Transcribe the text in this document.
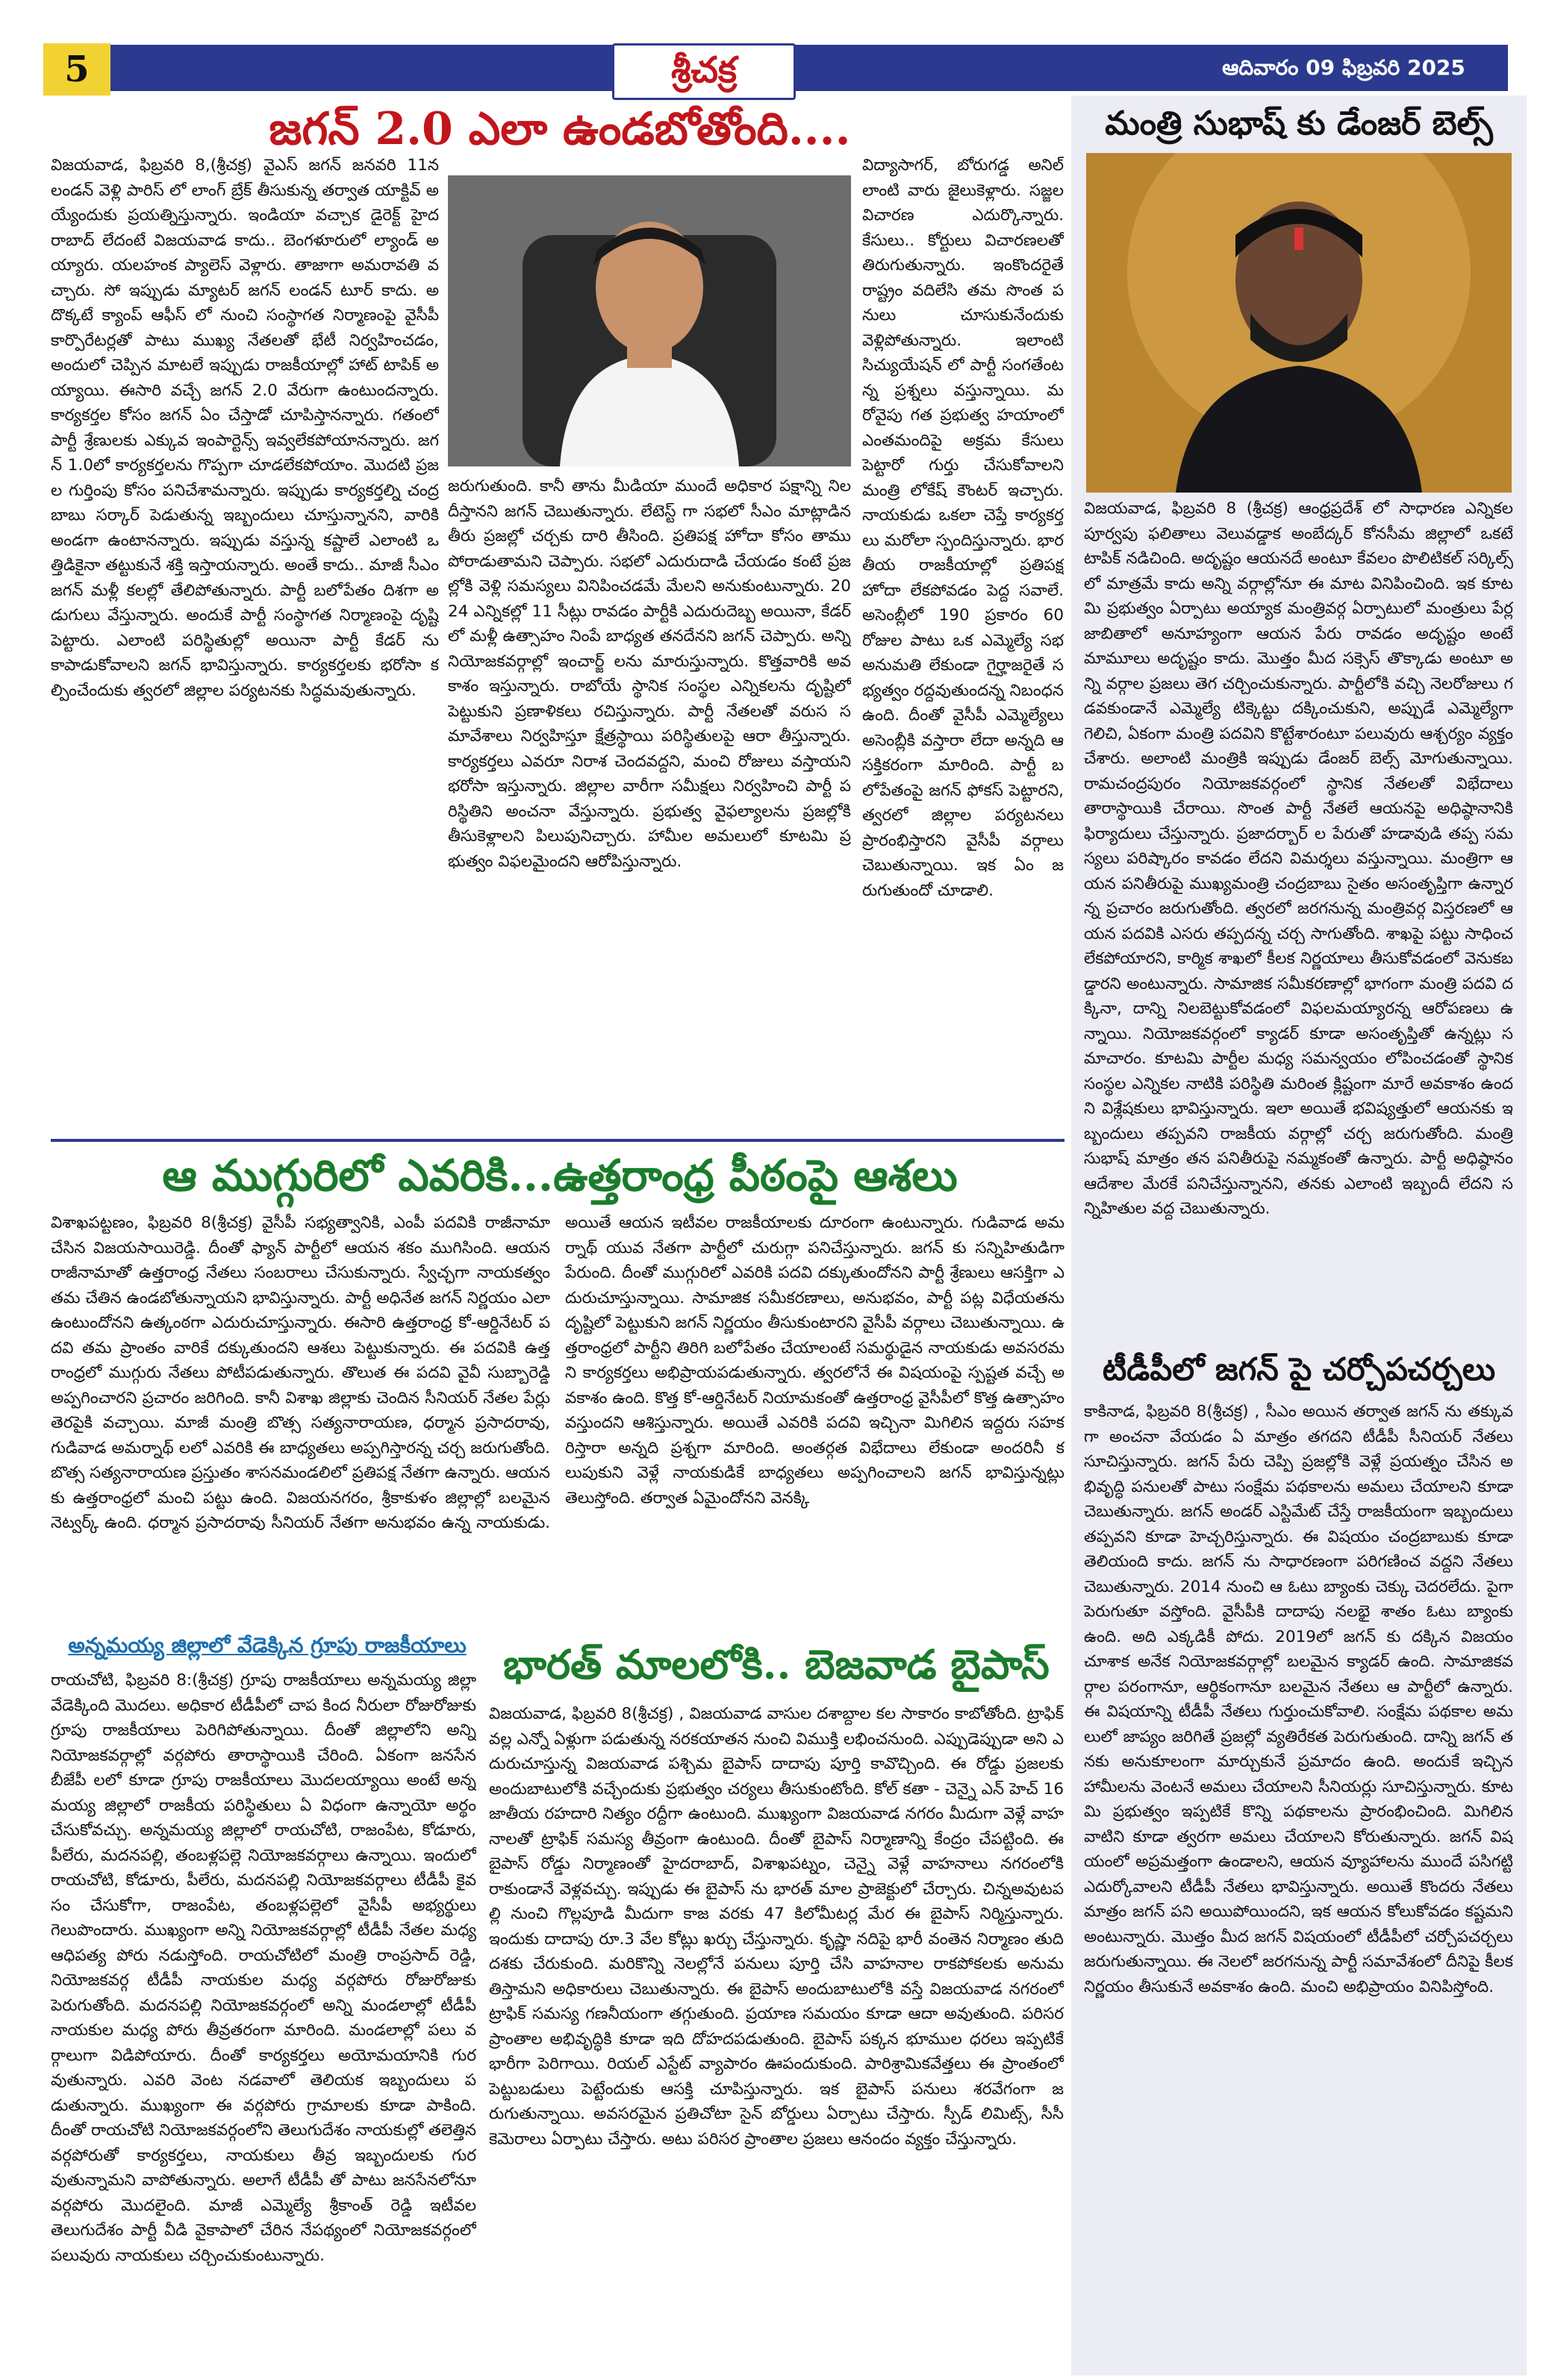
5	శ్రీచక్ర	ఆదివారం 09 ఫిబ్రవరి 2025
జగన్ 2.0 ఎలా ఉండబోతోంది....
విజయవాడ, ఫిబ్రవరి 8,(శ్రీచక్ర) వైఎస్ జగన్ జనవరి 11న లండన్ వెళ్లి పారిస్ లో లాంగ్ బ్రేక్ తీసుకున్న తర్వాత యాక్టివ్ అయ్యేందుకు ప్రయత్నిస్తున్నారు. ఇండియా వచ్చాక డైరెక్ట్ హైదరాబాద్ లేదంటే విజయవాడ కాదు.. బెంగళూరులో ల్యాండ్ అయ్యారు. యలహంక ప్యాలెస్ వెళ్లారు. తాజాగా అమరావతి వచ్చారు. సో ఇప్పుడు మ్యాటర్ జగన్ లండన్ టూర్ కాదు. అదొక్కటే క్యాంప్ ఆఫీస్ లో నుంచి సంస్థాగత నిర్మాణంపై వైసీపీ కార్పొరేటర్లతో పాటు ముఖ్య నేతలతో భేటీ నిర్వహించడం, అందులో చెప్పిన మాటలే ఇప్పుడు రాజకీయాల్లో హాట్ టాపిక్ అయ్యాయి. ఈసారి వచ్చే జగన్ 2.0 వేరుగా ఉంటుందన్నారు. కార్యకర్తల కోసం జగన్ ఏం చేస్తాడో చూపిస్తానన్నారు. గతంలో పార్టీ శ్రేణులకు ఎక్కువ ఇంపార్టెన్స్ ఇవ్వలేకపోయానన్నారు. జగన్ 1.0లో కార్యకర్తలను గొప్పగా చూడలేకపోయాం. మొదటి ప్రజల గుర్తింపు కోసం పనిచేశామన్నారు. ఇప్పుడు కార్యకర్తల్ని చంద్రబాబు సర్కార్ పెడుతున్న ఇబ్బందులు చూస్తున్నానని, వారికి అండగా ఉంటానన్నారు. ఇప్పుడు వస్తున్న కష్టాలే ఎలాంటి ఒత్తిడికైనా తట్టుకునే శక్తి ఇస్తాయన్నారు. అంతే కాదు.. మాజీ సీఎం జగన్ మళ్లీ కలల్లో తేలిపోతున్నారు. పార్టీ బలోపేతం దిశగా అడుగులు వేస్తున్నారు. అందుకే పార్టీ సంస్థాగత నిర్మాణంపై దృష్టి పెట్టారు. ఎలాంటి పరిస్థితుల్లో అయినా పార్టీ కేడర్ ను కాపాడుకోవాలని జగన్ భావిస్తున్నారు. కార్యకర్తలకు భరోసా కల్పించేందుకు త్వరలో జిల్లాల పర్యటనకు సిద్ధమవుతున్నారు.
జరుగుతుంది. కానీ తాను మీడియా ముందే అధికార పక్షాన్ని నిలదీస్తానని జగన్ చెబుతున్నారు. లేటెస్ట్ గా సభలో సీఎం మాట్లాడిన తీరు ప్రజల్లో చర్చకు దారి తీసింది. ప్రతిపక్ష హోదా కోసం తాము పోరాడుతామని చెప్పారు. సభలో ఎదురుదాడి చేయడం కంటే ప్రజల్లోకి వెళ్లి సమస్యలు వినిపించడమే మేలని అనుకుంటున్నారు. 2024 ఎన్నికల్లో 11 సీట్లు రావడం పార్టీకి ఎదురుదెబ్బ అయినా, కేడర్ లో మళ్లీ ఉత్సాహం నింపే బాధ్యత తనదేనని జగన్ చెప్పారు. అన్ని నియోజకవర్గాల్లో ఇంచార్జ్ లను మారుస్తున్నారు. కొత్తవారికి అవకాశం ఇస్తున్నారు. రాబోయే స్థానిక సంస్థల ఎన్నికలను దృష్టిలో పెట్టుకుని ప్రణాళికలు రచిస్తున్నారు. పార్టీ నేతలతో వరుస సమావేశాలు నిర్వహిస్తూ క్షేత్రస్థాయి పరిస్థితులపై ఆరా తీస్తున్నారు. కార్యకర్తలు ఎవరూ నిరాశ చెందవద్దని, మంచి రోజులు వస్తాయని భరోసా ఇస్తున్నారు. జిల్లాల వారీగా సమీక్షలు నిర్వహించి పార్టీ పరిస్థితిని అంచనా వేస్తున్నారు. ప్రభుత్వ వైఫల్యాలను ప్రజల్లోకి తీసుకెళ్లాలని పిలుపునిచ్చారు. హామీల అమలులో కూటమి ప్రభుత్వం విఫలమైందని ఆరోపిస్తున్నారు.
విద్యాసాగర్, బోరుగడ్డ అనిల్ లాంటి వారు జైలుకెళ్లారు. సజ్జల విచారణ ఎదుర్కొన్నారు. కేసులు.. కోర్టులు విచారణలతో తిరుగుతున్నారు. ఇంకొందరైతే రాష్ట్రం వదిలేసి తమ సొంత పనులు చూసుకునేందుకు వెళ్లిపోతున్నారు. ఇలాంటి సిచ్యుయేషన్ లో పార్టీ సంగతేంటన్న ప్రశ్నలు వస్తున్నాయి. మరోవైపు గత ప్రభుత్వ హయాంలో ఎంతమందిపై అక్రమ కేసులు పెట్టారో గుర్తు చేసుకోవాలని మంత్రి లోకేష్ కౌంటర్ ఇచ్చారు. నాయకుడు ఒకలా చెప్తే కార్యకర్తలు మరోలా స్పందిస్తున్నారు. భారతీయ రాజకీయాల్లో ప్రతిపక్ష హోదా లేకపోవడం పెద్ద సవాలే. అసెంబ్లీలో 190 ప్రకారం 60 రోజుల పాటు ఒక ఎమ్మెల్యే సభ అనుమతి లేకుండా గైర్హాజరైతే సభ్యత్వం రద్దవుతుందన్న నిబంధన ఉంది. దీంతో వైసీపీ ఎమ్మెల్యేలు అసెంబ్లీకి వస్తారా లేదా అన్నది ఆసక్తికరంగా మారింది. పార్టీ బలోపేతంపై జగన్ ఫోకస్ పెట్టారని, త్వరలో జిల్లాల పర్యటనలు ప్రారంభిస్తారని వైసీపీ వర్గాలు చెబుతున్నాయి. ఇక ఏం జరుగుతుందో చూడాలి.
మంత్రి సుభాష్ కు డేంజర్ బెల్స్
విజయవాడ, ఫిబ్రవరి 8 (శ్రీచక్ర) ఆంధ్రప్రదేశ్ లో సాధారణ ఎన్నికల పూర్వపు ఫలితాలు వెలువడ్డాక అంబేద్కర్ కోనసీమ జిల్లాలో ఒకటే టాపిక్ నడిచింది. అదృష్టం ఆయనదే అంటూ కేవలం పొలిటికల్ సర్కిల్స్ లో మాత్రమే కాదు అన్ని వర్గాల్లోనూ ఈ మాట వినిపించింది. ఇక కూటమి ప్రభుత్వం ఏర్పాటు అయ్యాక మంత్రివర్గ ఏర్పాటులో మంత్రులు పేర్ల జాబితాలో అనూహ్యంగా ఆయన పేరు రావడం అదృష్టం అంటే మామూలు అదృష్టం కాదు. మొత్తం మీద సక్సెస్ తొక్కాడు అంటూ అన్ని వర్గాల ప్రజలు తెగ చర్చించుకున్నారు. పార్టీలోకి వచ్చి నెలరోజులు గడవకుండానే ఎమ్మెల్యే టిక్కెట్టు దక్కించుకుని, అప్పుడే ఎమ్మెల్యేగా గెలిచి, ఏకంగా మంత్రి పదవిని కొట్టేశారంటూ పలువురు ఆశ్చర్యం వ్యక్తం చేశారు. అలాంటి మంత్రికి ఇప్పుడు డేంజర్ బెల్స్ మోగుతున్నాయి. రామచంద్రపురం నియోజకవర్గంలో స్థానిక నేతలతో విభేదాలు తారాస్థాయికి చేరాయి. సొంత పార్టీ నేతలే ఆయనపై అధిష్ఠానానికి ఫిర్యాదులు చేస్తున్నారు. ప్రజాదర్బార్ ల పేరుతో హడావుడి తప్ప సమస్యలు పరిష్కారం కావడం లేదని విమర్శలు వస్తున్నాయి. మంత్రిగా ఆయన పనితీరుపై ముఖ్యమంత్రి చంద్రబాబు సైతం అసంతృప్తిగా ఉన్నారన్న ప్రచారం జరుగుతోంది. త్వరలో జరగనున్న మంత్రివర్గ విస్తరణలో ఆయన పదవికి ఎసరు తప్పదన్న చర్చ సాగుతోంది. శాఖపై పట్టు సాధించలేకపోయారని, కార్మిక శాఖలో కీలక నిర్ణయాలు తీసుకోవడంలో వెనుకబడ్డారని అంటున్నారు. సామాజిక సమీకరణాల్లో భాగంగా మంత్రి పదవి దక్కినా, దాన్ని నిలబెట్టుకోవడంలో విఫలమయ్యారన్న ఆరోపణలు ఉన్నాయి. నియోజకవర్గంలో క్యాడర్ కూడా అసంతృప్తితో ఉన్నట్లు సమాచారం. కూటమి పార్టీల మధ్య సమన్వయం లోపించడంతో స్థానిక సంస్థల ఎన్నికల నాటికి పరిస్థితి మరింత క్లిష్టంగా మారే అవకాశం ఉందని విశ్లేషకులు భావిస్తున్నారు. ఇలా అయితే భవిష్యత్తులో ఆయనకు ఇబ్బందులు తప్పవని రాజకీయ వర్గాల్లో చర్చ జరుగుతోంది. మంత్రి సుభాష్ మాత్రం తన పనితీరుపై నమ్మకంతో ఉన్నారు. పార్టీ అధిష్ఠానం ఆదేశాల మేరకే పనిచేస్తున్నానని, తనకు ఎలాంటి ఇబ్బందీ లేదని సన్నిహితుల వద్ద చెబుతున్నారు.
టీడీపీలో జగన్ పై చర్చోపచర్చలు
కాకినాడ, ఫిబ్రవరి 8(శ్రీచక్ర) , సీఎం అయిన తర్వాత జగన్ ను తక్కువగా అంచనా వేయడం ఏ మాత్రం తగదని టీడీపీ సీనియర్ నేతలు సూచిస్తున్నారు. జగన్ పేరు చెప్పి ప్రజల్లోకి వెళ్లే ప్రయత్నం చేసిన అభివృద్ధి పనులతో పాటు సంక్షేమ పథకాలను అమలు చేయాలని కూడా చెబుతున్నారు. జగన్ అండర్ ఎస్టిమేట్ చేస్తే రాజకీయంగా ఇబ్బందులు తప్పవని కూడా హెచ్చరిస్తున్నారు. ఈ విషయం చంద్రబాబుకు కూడా తెలియంది కాదు. జగన్ ను సాధారణంగా పరిగణించ వద్దని నేతలు చెబుతున్నారు. 2014 నుంచి ఆ ఓటు బ్యాంకు చెక్కు చెదరలేదు. పైగా పెరుగుతూ వస్తోంది. వైసీపీకి దాదాపు నలభై శాతం ఓటు బ్యాంకు ఉంది. అది ఎక్కడికీ పోదు. 2019లో జగన్ కు దక్కిన విజయం చూశాక అనేక నియోజకవర్గాల్లో బలమైన క్యాడర్ ఉంది. సామాజికవర్గాల పరంగానూ, ఆర్థికంగానూ బలమైన నేతలు ఆ పార్టీలో ఉన్నారు. ఈ విషయాన్ని టీడీపీ నేతలు గుర్తుంచుకోవాలి. సంక్షేమ పథకాల అమలులో జాప్యం జరిగితే ప్రజల్లో వ్యతిరేకత పెరుగుతుంది. దాన్ని జగన్ తనకు అనుకూలంగా మార్చుకునే ప్రమాదం ఉంది. అందుకే ఇచ్చిన హామీలను వెంటనే అమలు చేయాలని సీనియర్లు సూచిస్తున్నారు. కూటమి ప్రభుత్వం ఇప్పటికే కొన్ని పథకాలను ప్రారంభించింది. మిగిలిన వాటిని కూడా త్వరగా అమలు చేయాలని కోరుతున్నారు. జగన్ విషయంలో అప్రమత్తంగా ఉండాలని, ఆయన వ్యూహాలను ముందే పసిగట్టి ఎదుర్కోవాలని టీడీపీ నేతలు భావిస్తున్నారు. అయితే కొందరు నేతలు మాత్రం జగన్ పని అయిపోయిందని, ఇక ఆయన కోలుకోవడం కష్టమని అంటున్నారు. మొత్తం మీద జగన్ విషయంలో టీడీపీలో చర్చోపచర్చలు జరుగుతున్నాయి. ఈ నెలలో జరగనున్న పార్టీ సమావేశంలో దీనిపై కీలక నిర్ణయం తీసుకునే అవకాశం ఉంది. మంచి అభిప్రాయం వినిపిస్తోంది.
ఆ ముగ్గురిలో ఎవరికి...ఉత్తరాంధ్ర పీఠంపై ఆశలు
విశాఖపట్టణం, ఫిబ్రవరి 8(శ్రీచక్ర) వైసీపీ సభ్యత్వానికి, ఎంపీ పదవికి రాజీనామా చేసిన విజయసాయిరెడ్డి. దీంతో ఫ్యాన్ పార్టీలో ఆయన శకం ముగిసింది. ఆయన రాజీనామాతో ఉత్తరాంధ్ర నేతలు సంబరాలు చేసుకున్నారు. స్వేచ్ఛగా నాయకత్వం తమ చేతిన ఉండబోతున్నాయని భావిస్తున్నారు. పార్టీ అధినేత జగన్ నిర్ణయం ఎలా ఉంటుందోనని ఉత్కంఠగా ఎదురుచూస్తున్నారు. ఈసారి ఉత్తరాంధ్ర కో-ఆర్డినేటర్ పదవి తమ ప్రాంతం వారికే దక్కుతుందని ఆశలు పెట్టుకున్నారు. ఈ పదవికి ఉత్తరాంధ్రలో ముగ్గురు నేతలు పోటీపడుతున్నారు. తొలుత ఈ పదవి వైవీ సుబ్బారెడ్డి అప్పగించారని ప్రచారం జరిగింది. కానీ విశాఖ జిల్లాకు చెందిన సీనియర్ నేతల పేర్లు తెరపైకి వచ్చాయి. మాజీ మంత్రి బొత్స సత్యనారాయణ, ధర్మాన ప్రసాదరావు, గుడివాడ అమర్నాథ్ లలో ఎవరికి ఈ బాధ్యతలు అప్పగిస్తారన్న చర్చ జరుగుతోంది. బొత్స సత్యనారాయణ ప్రస్తుతం శాసనమండలిలో ప్రతిపక్ష నేతగా ఉన్నారు. ఆయనకు ఉత్తరాంధ్రలో మంచి పట్టు ఉంది. విజయనగరం, శ్రీకాకుళం జిల్లాల్లో బలమైన నెట్వర్క్ ఉంది. ధర్మాన ప్రసాదరావు సీనియర్ నేతగా అనుభవం ఉన్న నాయకుడు. అయితే ఆయన ఇటీవల రాజకీయాలకు దూరంగా ఉంటున్నారు. గుడివాడ అమర్నాథ్ యువ నేతగా పార్టీలో చురుగ్గా పనిచేస్తున్నారు. జగన్ కు సన్నిహితుడిగా పేరుంది. దీంతో ముగ్గురిలో ఎవరికి పదవి దక్కుతుందోనని పార్టీ శ్రేణులు ఆసక్తిగా ఎదురుచూస్తున్నాయి. సామాజిక సమీకరణాలు, అనుభవం, పార్టీ పట్ల విధేయతను దృష్టిలో పెట్టుకుని జగన్ నిర్ణయం తీసుకుంటారని వైసీపీ వర్గాలు చెబుతున్నాయి. ఉత్తరాంధ్రలో పార్టీని తిరిగి బలోపేతం చేయాలంటే సమర్థుడైన నాయకుడు అవసరమని కార్యకర్తలు అభిప్రాయపడుతున్నారు. త్వరలోనే ఈ విషయంపై స్పష్టత వచ్చే అవకాశం ఉంది. కొత్త కో-ఆర్డినేటర్ నియామకంతో ఉత్తరాంధ్ర వైసీపీలో కొత్త ఉత్సాహం వస్తుందని ఆశిస్తున్నారు. అయితే ఎవరికి పదవి ఇచ్చినా మిగిలిన ఇద్దరు సహకరిస్తారా అన్నది ప్రశ్నగా మారింది. అంతర్గత విభేదాలు లేకుండా అందరినీ కలుపుకుని వెళ్లే నాయకుడికే బాధ్యతలు అప్పగించాలని జగన్ భావిస్తున్నట్లు తెలుస్తోంది. తర్వాత ఏమైందోనని వెనక్కి
అన్నమయ్య జిల్లాలో వేడెక్కిన గ్రూపు రాజకీయాలు
రాయచోటి, ఫిబ్రవరి 8:(శ్రీచక్ర) గ్రూపు రాజకీయాలు అన్నమయ్య జిల్లా వేడెక్కింది మొదలు. అధికార టీడీపీలో చాప కింద నీరులా రోజురోజుకు గ్రూపు రాజకీయాలు పెరిగిపోతున్నాయి. దీంతో జిల్లాలోని అన్ని నియోజకవర్గాల్లో వర్గపోరు తారాస్థాయికి చేరింది. ఏకంగా జనసేన బీజేపీ లలో కూడా గ్రూపు రాజకీయాలు మొదలయ్యాయి అంటే అన్నమయ్య జిల్లాలో రాజకీయ పరిస్థితులు ఏ విధంగా ఉన్నాయో అర్థం చేసుకోవచ్చు. అన్నమయ్య జిల్లాలో రాయచోటి, రాజంపేట, కోడూరు, పీలేరు, మదనపల్లి, తంబళ్లపల్లె నియోజకవర్గాలు ఉన్నాయి. ఇందులో రాయచోటి, కోడూరు, పీలేరు, మదనపల్లి నియోజకవర్గాలు టీడీపీ కైవసం చేసుకోగా, రాజంపేట, తంబళ్లపల్లెలో వైసీపీ అభ్యర్థులు గెలుపొందారు. ముఖ్యంగా అన్ని నియోజకవర్గాల్లో టీడీపీ నేతల మధ్య ఆధిపత్య పోరు నడుస్తోంది. రాయచోటిలో మంత్రి రాంప్రసాద్ రెడ్డి, నియోజకవర్గ టీడీపీ నాయకుల మధ్య వర్గపోరు రోజురోజుకు పెరుగుతోంది. మదనపల్లి నియోజకవర్గంలో అన్ని మండలాల్లో టీడీపీ నాయకుల మధ్య పోరు తీవ్రతరంగా మారింది. మండలాల్లో పలు వర్గాలుగా విడిపోయారు. దీంతో కార్యకర్తలు అయోమయానికి గురవుతున్నారు. ఎవరి వెంట నడవాలో తెలియక ఇబ్బందులు పడుతున్నారు. ముఖ్యంగా ఈ వర్గపోరు గ్రామాలకు కూడా పాకింది. దీంతో రాయచోటి నియోజకవర్గంలోని తెలుగుదేశం నాయకుల్లో తలెత్తిన వర్గపోరుతో కార్యకర్తలు, నాయకులు తీవ్ర ఇబ్బందులకు గురవుతున్నామని వాపోతున్నారు. అలాగే టీడీపీ తో పాటు జనసేనలోనూ వర్గపోరు మొదలైంది. మాజీ ఎమ్మెల్యే శ్రీకాంత్ రెడ్డి ఇటీవల తెలుగుదేశం పార్టీ వీడి వైకాపాలో చేరిన నేపథ్యంలో నియోజకవర్గంలో పలువురు నాయకులు చర్చించుకుంటున్నారు.
భారత్ మాలలోకి.. బెజవాడ బైపాస్
విజయవాడ, ఫిబ్రవరి 8(శ్రీచక్ర) , విజయవాడ వాసుల దశాబ్దాల కల సాకారం కాబోతోంది. ట్రాఫిక్ వల్ల ఎన్నో ఏళ్లుగా పడుతున్న నరకయాతన నుంచి విముక్తి లభించనుంది. ఎప్పుడెప్పుడా అని ఎదురుచూస్తున్న విజయవాడ పశ్చిమ బైపాస్ దాదాపు పూర్తి కావొచ్చింది. ఈ రోడ్డు ప్రజలకు అందుబాటులోకి వచ్చేందుకు ప్రభుత్వం చర్యలు తీసుకుంటోంది. కోల్ కతా - చెన్నై ఎన్ హెచ్ 16 జాతీయ రహదారి నిత్యం రద్దీగా ఉంటుంది. ముఖ్యంగా విజయవాడ నగరం మీదుగా వెళ్లే వాహనాలతో ట్రాఫిక్ సమస్య తీవ్రంగా ఉంటుంది. దీంతో బైపాస్ నిర్మాణాన్ని కేంద్రం చేపట్టింది. ఈ బైపాస్ రోడ్డు నిర్మాణంతో హైదరాబాద్, విశాఖపట్నం, చెన్నై వెళ్లే వాహనాలు నగరంలోకి రాకుండానే వెళ్లవచ్చు. ఇప్పుడు ఈ బైపాస్ ను భారత్ మాల ప్రాజెక్టులో చేర్చారు. చిన్నఅవుటపల్లి నుంచి గొల్లపూడి మీదుగా కాజ వరకు 47 కిలోమీటర్ల మేర ఈ బైపాస్ నిర్మిస్తున్నారు. ఇందుకు దాదాపు రూ.3 వేల కోట్లు ఖర్చు చేస్తున్నారు. కృష్ణా నదిపై భారీ వంతెన నిర్మాణం తుది దశకు చేరుకుంది. మరికొన్ని నెలల్లోనే పనులు పూర్తి చేసి వాహనాల రాకపోకలకు అనుమతిస్తామని అధికారులు చెబుతున్నారు. ఈ బైపాస్ అందుబాటులోకి వస్తే విజయవాడ నగరంలో ట్రాఫిక్ సమస్య గణనీయంగా తగ్గుతుంది. ప్రయాణ సమయం కూడా ఆదా అవుతుంది. పరిసర ప్రాంతాల అభివృద్ధికి కూడా ఇది దోహదపడుతుంది. బైపాస్ పక్కన భూముల ధరలు ఇప్పటికే భారీగా పెరిగాయి. రియల్ ఎస్టేట్ వ్యాపారం ఊపందుకుంది. పారిశ్రామికవేత్తలు ఈ ప్రాంతంలో పెట్టుబడులు పెట్టేందుకు ఆసక్తి చూపిస్తున్నారు. ఇక బైపాస్ పనులు శరవేగంగా జరుగుతున్నాయి. అవసరమైన ప్రతిచోటా సైన్ బోర్డులు ఏర్పాటు చేస్తారు. స్పీడ్ లిమిట్స్, సీసీ కెమెరాలు ఏర్పాటు చేస్తారు. అటు పరిసర ప్రాంతాల ప్రజలు ఆనందం వ్యక్తం చేస్తున్నారు.
